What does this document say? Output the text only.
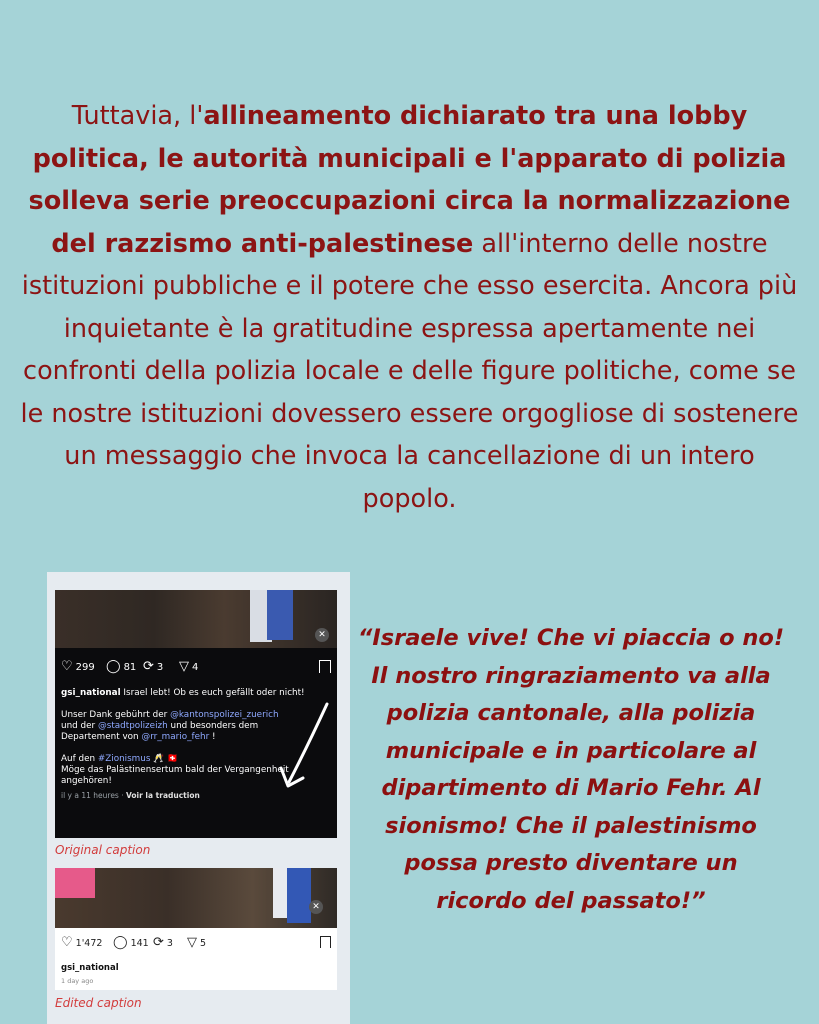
Tuttavia, l'allineamento dichiarato tra una lobby politica, le autorità municipali e l'apparato di polizia solleva serie preoccupazioni circa la normalizzazione del razzismo anti-palestinese all'interno delle nostre istituzioni pubbliche e il potere che esso esercita. Ancora più inquietante è la gratitudine espressa apertamente nei confronti della polizia locale e delle figure politiche, come se le nostre istituzioni dovessero essere orgogliose di sostenere un messaggio che invoca la cancellazione di un intero popolo.
✕
♡ 299 ◯ 81 ⟳ 3 ▽ 4
gsi_national Israel lebt! Ob es euch gefällt oder nicht!
Unser Dank gebührt der @kantonspolizei_zuerich und der @stadtpolizeizh und besonders dem Departement von @rr_mario_fehr !
Auf den #Zionismus 🥂 🇨🇭
Möge das Palästinensertum bald der Vergangenheit angehören!
il y a 11 heures · Voir la traduction
Original caption
✕
♡ 1'472 ◯ 141 ⟳ 3 ▽ 5
gsi_national
1 day ago
Edited caption
“Israele vive! Che vi piaccia o no! Il nostro ringraziamento va alla polizia cantonale, alla polizia municipale e in particolare al dipartimento di Mario Fehr. Al sionismo! Che il palestinismo possa presto diventare un ricordo del passato!”
